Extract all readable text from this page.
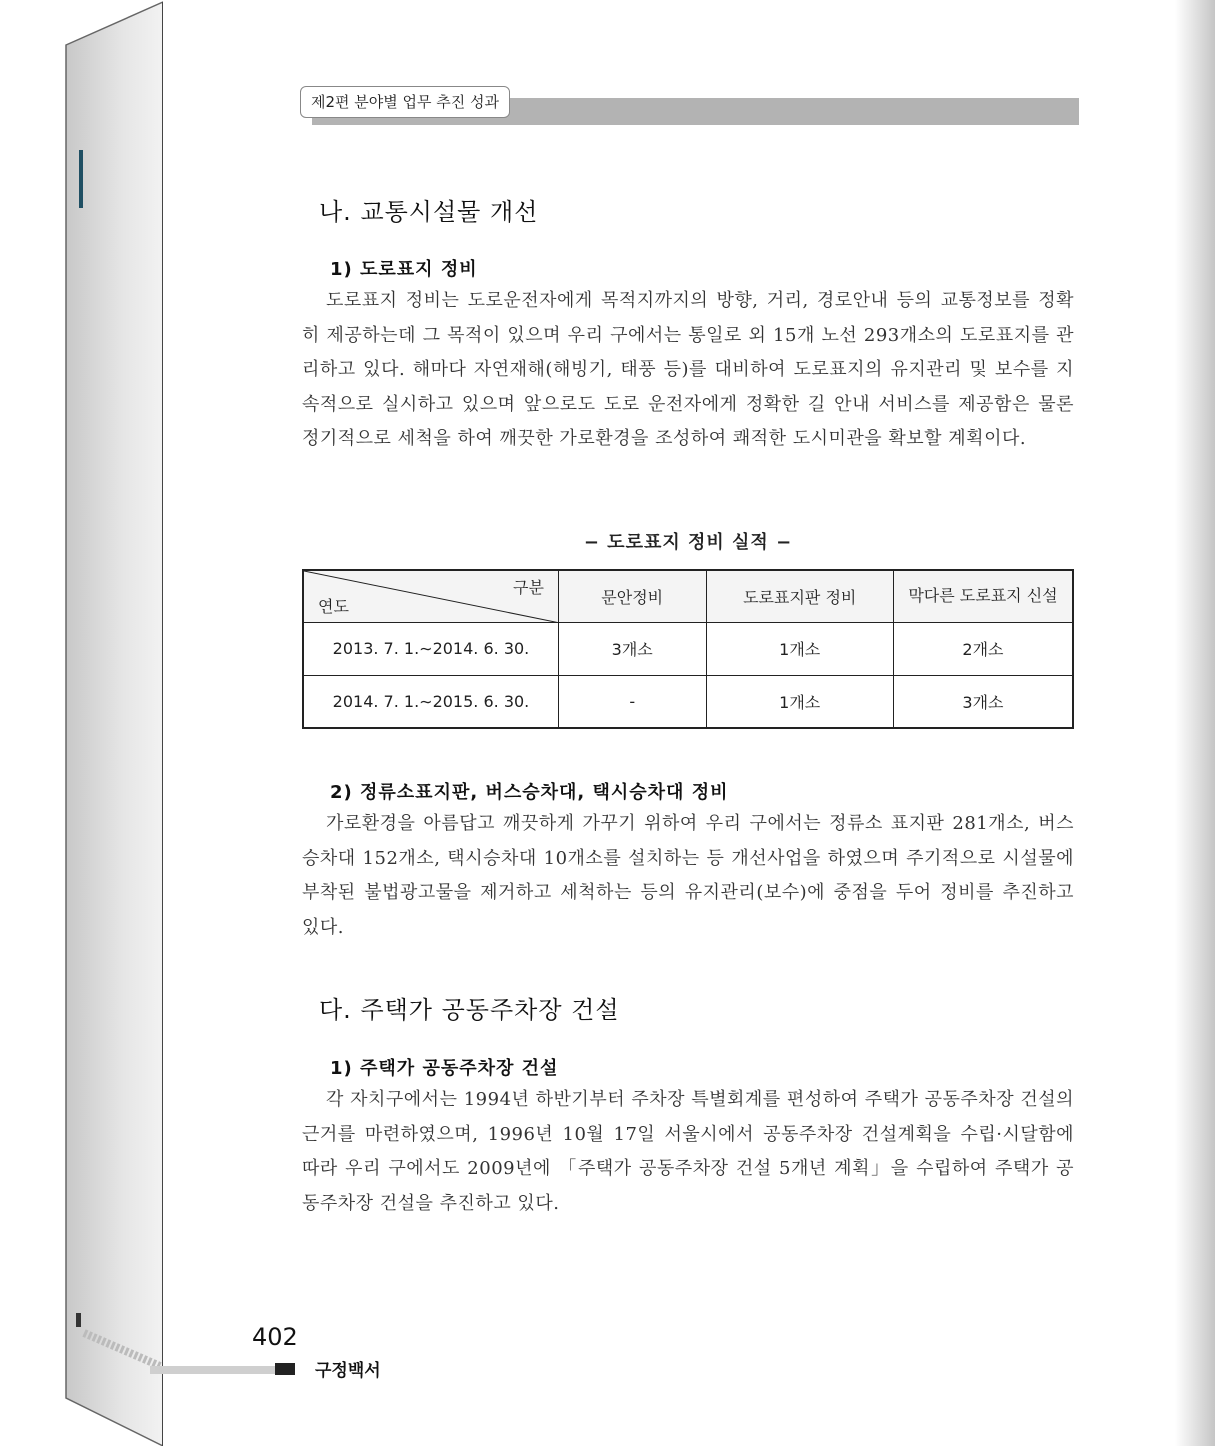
제2편 분야별 업무 추진 성과
나. 교통시설물 개선
1) 도로표지 정비

도로표지 정비는 도로운전자에게 목적지까지의 방향, 거리, 경로안내 등의 교통정보를 정확히 제공하는데 그 목적이 있으며 우리 구에서는 통일로 외 15개 노선 293개소의 도로표지를 관리하고 있다. 해마다 자연재해(해빙기, 태풍 등)를 대비하여 도로표지의 유지관리 및 보수를 지속적으로 실시하고 있으며 앞으로도 도로 운전자에게 정확한 길 안내 서비스를 제공함은 물론 정기적으로 세척을 하여 깨끗한 가로환경을 조성하여 쾌적한 도시미관을 확보할 계획이다.

− 도로표지 정비 실적 −
구분
연도	문안정비	도로표지판 정비	막다른 도로표지 신설
2013. 7. 1.∼2014. 6. 30.	3개소	1개소	2개소
2014. 7. 1.∼2015. 6. 30.	-	1개소	3개소
2) 정류소표지판, 버스승차대, 택시승차대 정비

가로환경을 아름답고 깨끗하게 가꾸기 위하여 우리 구에서는 정류소 표지판 281개소, 버스승차대 152개소, 택시승차대 10개소를 설치하는 등 개선사업을 하였으며 주기적으로 시설물에 부착된 불법광고물을 제거하고 세척하는 등의 유지관리(보수)에 중점을 두어 정비를 추진하고 있다.

다. 주택가 공동주차장 건설
1) 주택가 공동주차장 건설

각 자치구에서는 1994년 하반기부터 주차장 특별회계를 편성하여 주택가 공동주차장 건설의 근거를 마련하였으며, 1996년 10월 17일 서울시에서 공동주차장 건설계획을 수립·시달함에 따라 우리 구에서도 2009년에 「주택가 공동주차장 건설 5개년 계획」을 수립하여 주택가 공동주차장 건설을 추진하고 있다.

402
구정백서
